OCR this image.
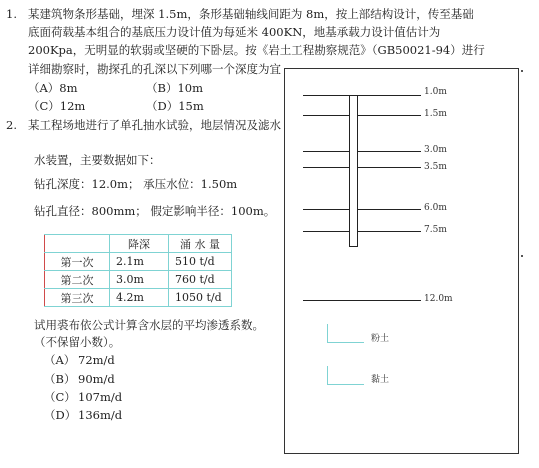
1. 某建筑物条形基础，埋深 1.5m，条形基础轴线间距为 8m，按上部结构设计，传至基础
底面荷载基本组合的基底压力设计值为每延米 400KN，地基承载力设计值估计为
200Kpa，无明显的软弱或坚硬的下卧层。按《岩土工程勘察规范》（GB50021-94）进行
详细勘察时，勘探孔的孔深以下列哪一个深度为宜
（A）8m	（B）10m
（C）12m	（D）15m
2. 某工程场地进行了单孔抽水试验，地层情况及滤水
水装置，主要数据如下：
钻孔深度：12.0m； 承压水位：1.50m
钻孔直径：800mm； 假定影响半径：100m。
	降深	涌 水 量
第一次	2.1m	510 t/d
第二次	3.0m	760 t/d
第三次	4.2m	1050 t/d
试用裘布依公式计算含水层的平均渗透系数。
（不保留小数）。
（A） 72m/d
（B） 90m/d
（C） 107m/d
（D） 136m/d
1.0m
1.5m
3.0m
3.5m
6.0m
7.5m
12.0m
粉土
黏土
